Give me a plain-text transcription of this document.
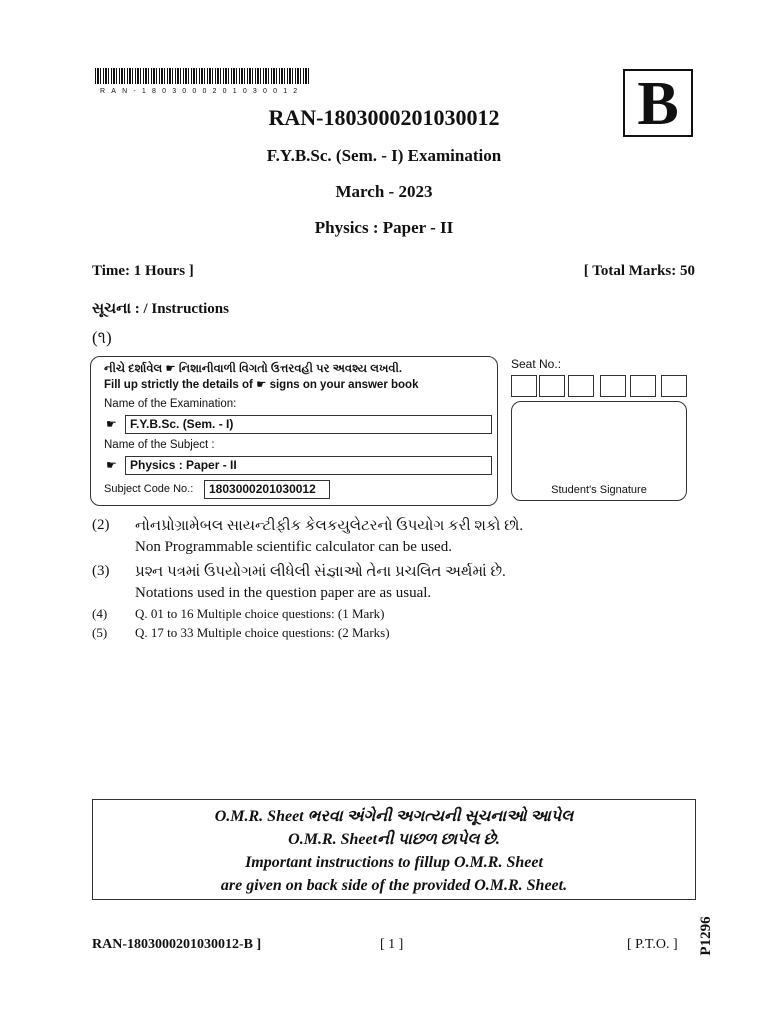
RAN-1803000201030012	B
RAN-1803000201030012
F.Y.B.Sc. (Sem. - I) Examination
March - 2023
Physics : Paper - II
Time: 1 Hours ]	[ Total Marks: 50
સૂચના : / Instructions
(૧)
નીચે દર્શાવેલ ☛ નિશાનીવાળી વિગતો ઉત્તરવહી પર અવશ્ય લખવી.
Fill up strictly the details of ☛ signs on your answer book
Name of the Examination:
☛	F.Y.B.Sc. (Sem. - I)
Name of the Subject :
☛	Physics : Paper - II
Subject Code No.:	1803000201030012
Seat No.:
Student's Signature
(2) નોનપ્રોગ્રામેબલ સાયન્ટીફીક કેલકયુલેટરનો ઉપયોગ કરી શકો છો.
Non Programmable scientific calculator can be used.
(3) પ્રશ્ન પત્રમાં ઉપયોગમાં લીધેલી સંજ્ઞાઓ તેના પ્રચલિત અર્થમાં છે.
Notations used in the question paper are as usual.
(4) Q. 01 to 16 Multiple choice questions: (1 Mark)
(5) Q. 17 to 33 Multiple choice questions: (2 Marks)
O.M.R. Sheet ભરવા અંગેની અગત્યની સૂચનાઓ આપેલ
O.M.R. Sheetની પાછળ છાપેલ છે.
Important instructions to fillup O.M.R. Sheet
are given on back side of the provided O.M.R. Sheet.
RAN-1803000201030012-B ]	[ 1 ]	[ P.T.O. ] P1296
